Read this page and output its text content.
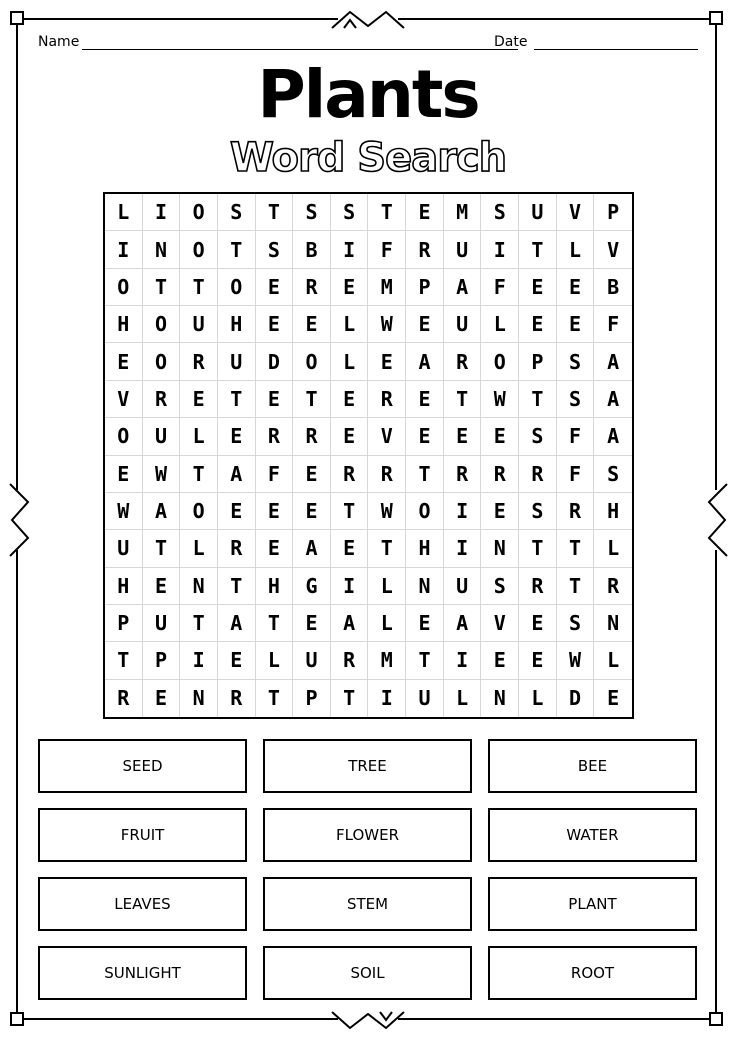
Name	Date
Plants
Word Search
L	I	O	S	T	S	S	T	E	M	S	U	V	P
I	N	O	T	S	B	I	F	R	U	I	T	L	V
O	T	T	O	E	R	E	M	P	A	F	E	E	B
H	O	U	H	E	E	L	W	E	U	L	E	E	F
E	O	R	U	D	O	L	E	A	R	O	P	S	A
V	R	E	T	E	T	E	R	E	T	W	T	S	A
O	U	L	E	R	R	E	V	E	E	E	S	F	A
E	W	T	A	F	E	R	R	T	R	R	R	F	S
W	A	O	E	E	E	T	W	O	I	E	S	R	H
U	T	L	R	E	A	E	T	H	I	N	T	T	L
H	E	N	T	H	G	I	L	N	U	S	R	T	R
P	U	T	A	T	E	A	L	E	A	V	E	S	N
T	P	I	E	L	U	R	M	T	I	E	E	W	L
R	E	N	R	T	P	T	I	U	L	N	L	D	E
SEED	TREE	BEE
FRUIT	FLOWER	WATER
LEAVES	STEM	PLANT
SUNLIGHT	SOIL	ROOT
